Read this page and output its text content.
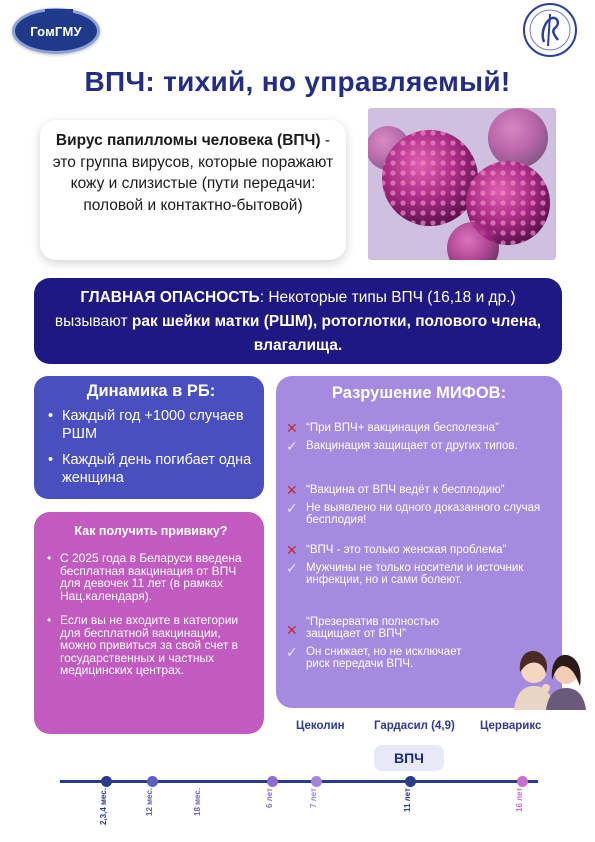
ГомГМУ
ВПЧ: тихий, но управляемый!
Вирус папилломы человека (ВПЧ) - это группа вирусов, которые поражают кожу и слизистые (пути передачи: половой и контактно-бытовой)
ГЛАВНАЯ ОПАСНОСТЬ: Некоторые типы ВПЧ (16,18 и др.) вызывают рак шейки матки (РШМ), ротоглотки, полового члена, влагалища.
Динамика в РБ:
• Каждый год +1000 случаев РШМ
• Каждый день погибает одна женщина
Как получить прививку?
• С 2025 года в Беларуси введена бесплатная вакцинация от ВПЧ для девочек 11 лет (в рамках Нац.календаря).
• Если вы не входите в категории для бесплатной вакцинации, можно привиться за свой счет в государственных и частных медицинских центрах.
Разрушение МИФОВ:
✕ “При ВПЧ+ вакцинация бесполезна”
✓ Вакцинация защищает от других типов.
✕ “Вакцина от ВПЧ ведёт к бесплодию”
✓ Не выявлено ни одного доказанного случая бесплодия!
✕ “ВПЧ - это только женская проблема”
✓ Мужчины не только носители и источник инфекции, но и сами болеют.
✕ “Презерватив полностью защищает от ВПЧ”
✓ Он снижает, но не исключает риск передачи ВПЧ.
Цеколин	Гардасил (4,9) Церварикс
ВПЧ
2,3,4 мес.	12 мес.	18 мес.	6 лет	7 лет	11 лет	16 лет
